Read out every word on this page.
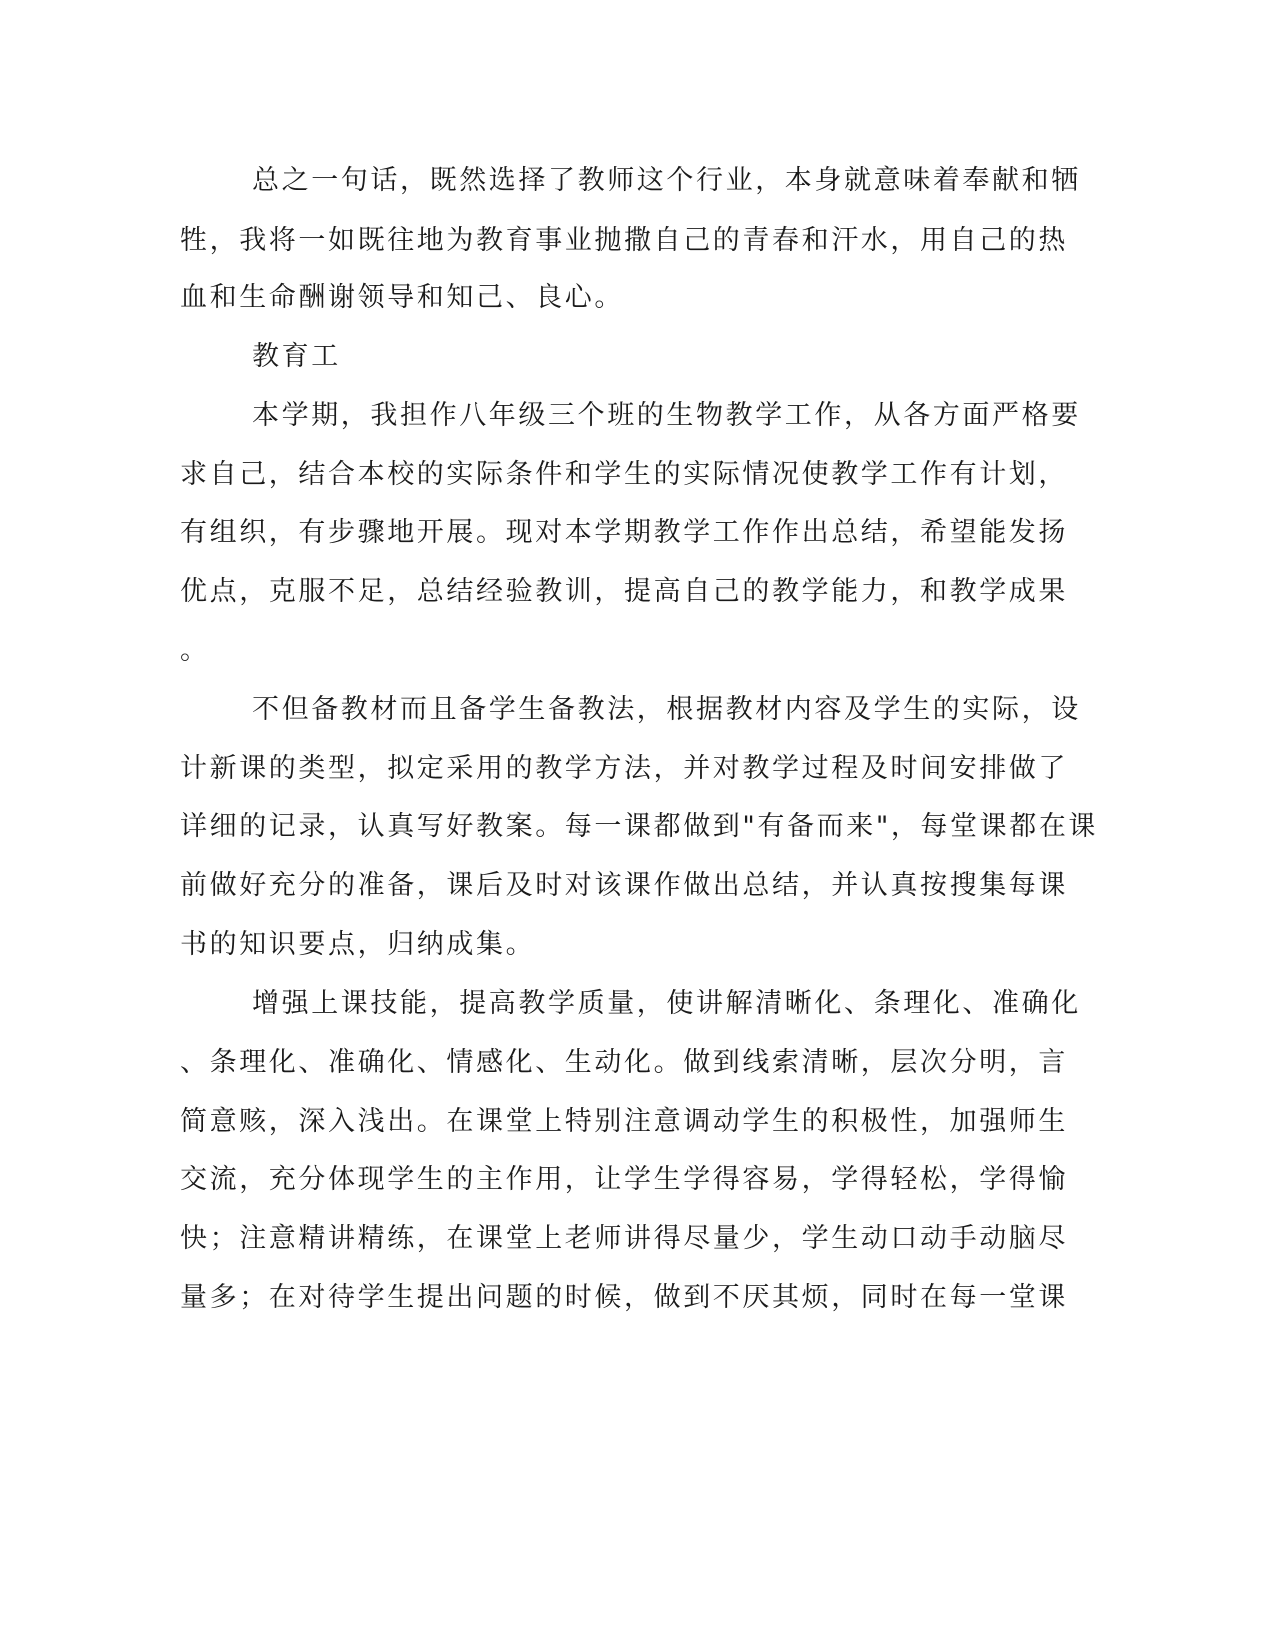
总之一句话，既然选择了教师这个行业，本身就意味着奉献和牺
牲，我将一如既往地为教育事业抛撒自己的青春和汗水，用自己的热
血和生命酬谢领导和知己、良心。
教育工
本学期，我担作八年级三个班的生物教学工作，从各方面严格要
求自己，结合本校的实际条件和学生的实际情况使教学工作有计划，
有组织，有步骤地开展。现对本学期教学工作作出总结，希望能发扬
优点，克服不足，总结经验教训，提高自己的教学能力，和教学成果
。
不但备教材而且备学生备教法，根据教材内容及学生的实际，设
计新课的类型，拟定采用的教学方法，并对教学过程及时间安排做了
详细的记录，认真写好教案。每一课都做到"有备而来"，每堂课都在课
前做好充分的准备，课后及时对该课作做出总结，并认真按搜集每课
书的知识要点，归纳成集。
增强上课技能，提高教学质量，使讲解清晰化、条理化、准确化
、条理化、准确化、情感化、生动化。做到线索清晰，层次分明，言
简意赅，深入浅出。在课堂上特别注意调动学生的积极性，加强师生
交流，充分体现学生的主作用，让学生学得容易，学得轻松，学得愉
快；注意精讲精练，在课堂上老师讲得尽量少，学生动口动手动脑尽
量多；在对待学生提出问题的时候，做到不厌其烦，同时在每一堂课
